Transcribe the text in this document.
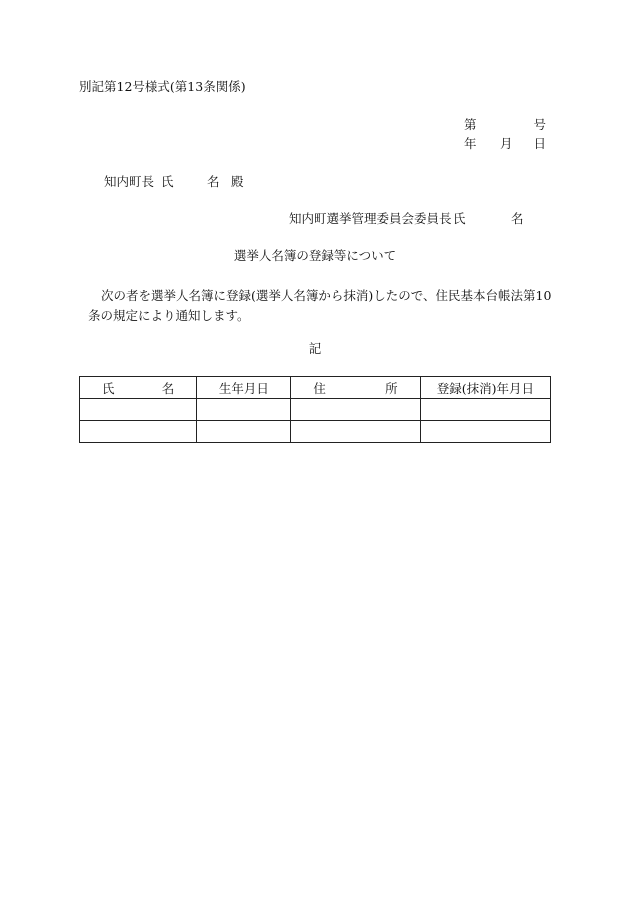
別記第12号様式(第13条関係)
第	号
年 月 日
知内町長 氏	名 殿
知内町選挙管理委員会委員長 氏	名
選挙人名簿の登録等について
次の者を選挙人名簿に登録(選挙人名簿から抹消)したので、住民基本台帳法第10条の規定により通知します。
記
氏 名	生年月日	住 所	登録(抹消)年月日
